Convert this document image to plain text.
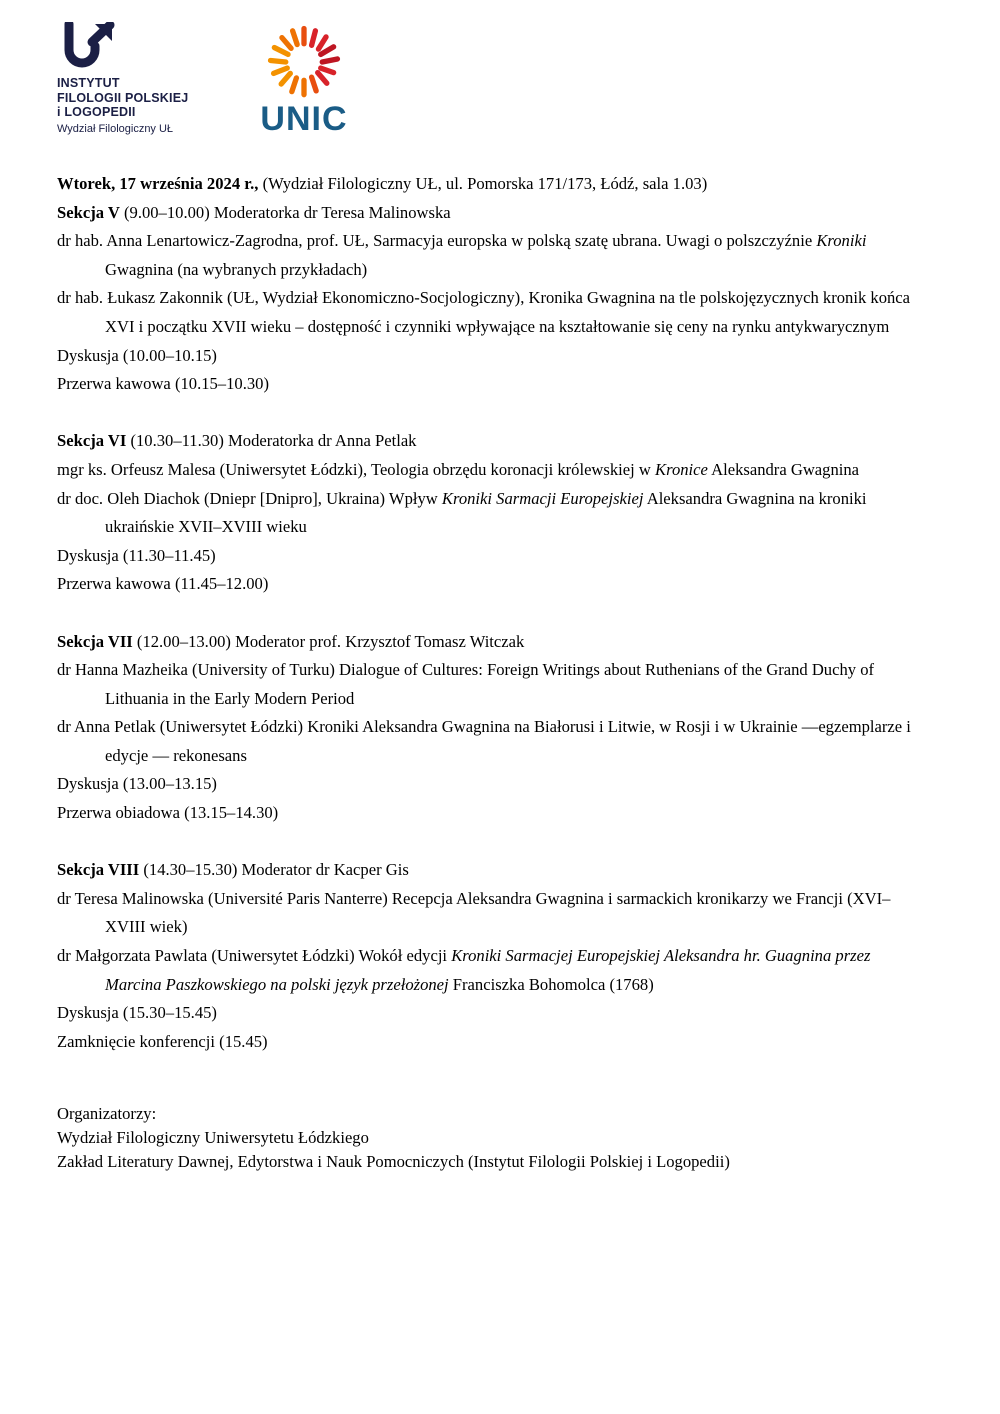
INSTYTUT
FILOLOGII POLSKIEJ
i LOGOPEDII
Wydział Filologiczny UŁ	UNIC
Wtorek, 17 września 2024 r., (Wydział Filologiczny UŁ, ul. Pomorska 171/173, Łódź, sala 1.03)
Sekcja V (9.00–10.00) Moderatorka dr Teresa Malinowska
dr hab. Anna Lenartowicz-Zagrodna, prof. UŁ, Sarmacyja europska w polską szatę ubrana. Uwagi o polszczyźnie Kroniki
Gwagnina (na wybranych przykładach)
dr hab. Łukasz Zakonnik (UŁ, Wydział Ekonomiczno-Socjologiczny), Kronika Gwagnina na tle polskojęzycznych kronik końca
XVI i początku XVII wieku – dostępność i czynniki wpływające na kształtowanie się ceny na rynku antykwarycznym
Dyskusja (10.00–10.15)
Przerwa kawowa (10.15–10.30)
Sekcja VI (10.30–11.30) Moderatorka dr Anna Petlak
mgr ks. Orfeusz Malesa (Uniwersytet Łódzki), Teologia obrzędu koronacji królewskiej w Kronice Aleksandra Gwagnina
dr doc. Oleh Diachok (Dniepr [Dnipro], Ukraina) Wpływ Kroniki Sarmacji Europejskiej Aleksandra Gwagnina na kroniki
ukraińskie XVII–XVIII wieku
Dyskusja (11.30–11.45)
Przerwa kawowa (11.45–12.00)
Sekcja VII (12.00–13.00) Moderator prof. Krzysztof Tomasz Witczak
dr Hanna Mazheika (University of Turku) Dialogue of Cultures: Foreign Writings about Ruthenians of the Grand Duchy of
Lithuania in the Early Modern Period
dr Anna Petlak (Uniwersytet Łódzki) Kroniki Aleksandra Gwagnina na Białorusi i Litwie, w Rosji i w Ukrainie —egzemplarze i
edycje — rekonesans
Dyskusja (13.00–13.15)
Przerwa obiadowa (13.15–14.30)
Sekcja VIII (14.30–15.30) Moderator dr Kacper Gis
dr Teresa Malinowska (Université Paris Nanterre) Recepcja Aleksandra Gwagnina i sarmackich kronikarzy we Francji (XVI–
XVIII wiek)
dr Małgorzata Pawlata (Uniwersytet Łódzki) Wokół edycji Kroniki Sarmacjej Europejskiej Aleksandra hr. Guagnina przez
Marcina Paszkowskiego na polski język przełożonej Franciszka Bohomolca (1768)
Dyskusja (15.30–15.45)
Zamknięcie konferencji (15.45)
Organizatorzy:
Wydział Filologiczny Uniwersytetu Łódzkiego
Zakład Literatury Dawnej, Edytorstwa i Nauk Pomocniczych (Instytut Filologii Polskiej i Logopedii)
